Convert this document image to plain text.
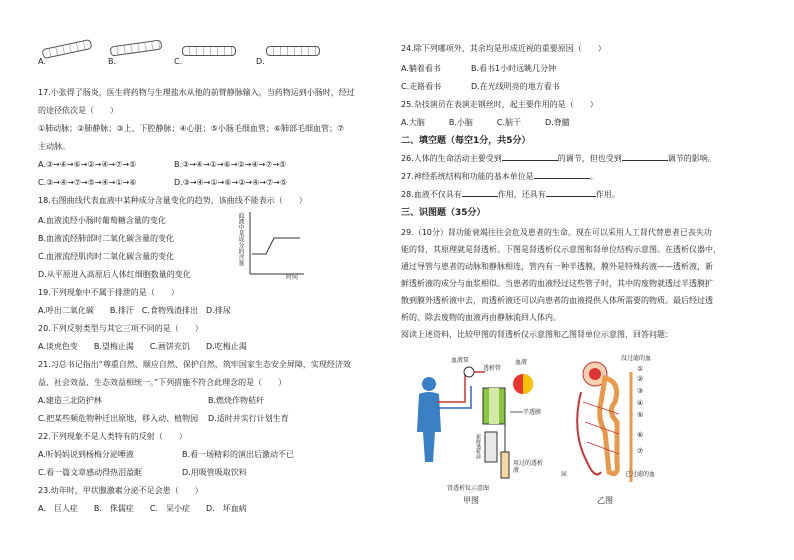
A.	B.	C.	D.
17.小张得了肠炎，医生将药物与生理盐水从他的前臂静脉输入，当药物运到小肠时，经过
的途径依次是（　　）
①肺动脉；②肺静脉；③上、下腔静脉；④心脏；⑤小肠毛细血管；⑥肺部毛细血管；⑦
主动脉。
A.③→④→⑥→②→④→⑦→⑤	B.③→④→①→⑥→②→④→⑦→⑤
C.③→④→⑦→⑤→④→①→⑥	D.③→④→①→⑥→②→④→⑦→⑤
18.右图曲线代表血液中某种成分含量变化的趋势，该曲线不能表示（　　）
A.血液流经小肠时葡萄糖含量的变化
B.血液流经肺部时二氧化碳含量的变化
C.血液流经肌肉时二氧化碳含量的变化
D.从平原进入高原后人体红细胞数量的变化
血液中某成分的含量
时间
19.下列现象中不属于排泄的是（　　）
A.呼出二氧化碳　　B.排汗　C.食物残渣排出　D.排尿
20.下列反射类型与其它三项不同的是（　　）
A.谈虎色变　　B.望梅止渴　　C.画饼充饥　　D.吃梅止渴
21.习总书记指出“尊重自然、顺应自然、保护自然，筑牢国家生态安全屏障，实现经济效
益、社会效益、生态效益相统一。”下列措施不符合此理念的是（　　）
A.建造三北防护林	B.燃烧作物秸秆
C.把某些频危物种迁出原地，移入动、植物园 D.适时并实行计划生育
22.下列现象不是人类特有的反射（　　）
A.听妈妈说到杨梅分泌唾液	B.看一场精彩的演出后激动不已
C.看一篇文章感动得热泪盈眶	D.用吸管吸取饮料
23.幼年时，甲状腺激素分泌不足会患（　　）
A.　巨人症　　B.　侏儒症　　C.　呆小症　　D.　坏血病
24.除下列哪项外，其余均是形成近视的重要原因（　　）
A.躺着看书	B.看书1小时远眺几分钟
C.走路看书	D.在光线明亮的地方看书
25.杂技演员在表演走钢丝时，起主要作用的是（　　）
A.大脑　　　B.小脑　　　C.脑干　　　D.脊髓
二、填空题（每空1分，共5分）
26.人体的生命活动主要受到	的调节，但也受到	调节的影响。
27.神经系统结构和功能的基本单位是	。
28.血液不仅具有	作用，还具有	作用。
三、识图题（35分）
29.（10分）肾功能衰竭往往会危及患者的生命。现在可以采用人工肾代替患者已丧失功
能的肾，其原理就是肾透析。下图是肾透析仪示意图和肾单位结构示意图。在透析仪器中，
通过导管与患者的动脉和静脉相连，管内有一种半透膜，膜外是特殊药液——透析液，新
鲜透析液的成分与血浆相似。当患者的血液经过这些管子时，其中的废物就透过半透膜扩
散到膜外透析液中去，而透析液还可以向患者的血液提供人体所需要的物质。最后经过透
析的、除去废物的血液再由静脉流回人体内。
阅读上述资料，比较甲图的肾透析仪示意图和乙图肾单位示意图，回答问题：
血液泵
透析管
血液
新鲜透析液
半透膜
用过的透析液
肾透析仪示意图
甲图
没过滤的血
①
②
③
④
⑤
⑥
⑦
尿	已过滤的血
乙图
